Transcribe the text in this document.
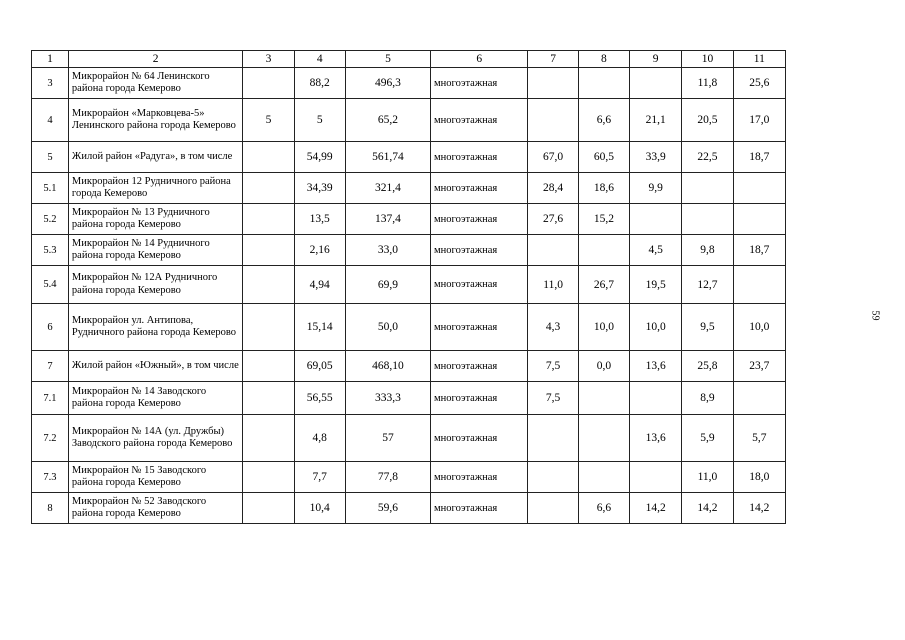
1	2	3	4	5	6	7	8	9	10	11
3	Микрорайон № 64 Ленинского района города Кемерово		88,2	496,3	многоэтажная				11,8	25,6
4	Микрорайон «Марковцева-5» Ленинского района города Кемерово	5	5	65,2	многоэтажная		6,6	21,1	20,5	17,0
5	Жилой район «Радуга», в том числе		54,99	561,74	многоэтажная	67,0	60,5	33,9	22,5	18,7
5.1	Микрорайон 12 Рудничного района города Кемерово		34,39	321,4	многоэтажная	28,4	18,6	9,9		
5.2	Микрорайон № 13 Рудничного района города Кемерово		13,5	137,4	многоэтажная	27,6	15,2			
5.3	Микрорайон № 14 Рудничного района города Кемерово		2,16	33,0	многоэтажная			4,5	9,8	18,7
5.4	Микрорайон № 12А Рудничного района города Кемерово		4,94	69,9	многоэтажная	11,0	26,7	19,5	12,7	
6	Микрорайон ул. Антипова, Рудничного района города Кемерово		15,14	50,0	многоэтажная	4,3	10,0	10,0	9,5	10,0
7	Жилой район «Южный», в том числе		69,05	468,10	многоэтажная	7,5	0,0	13,6	25,8	23,7
7.1	Микрорайон № 14 Заводского района города Кемерово		56,55	333,3	многоэтажная	7,5			8,9	
7.2	Микрорайон № 14А (ул. Дружбы) Заводского района города Кемерово		4,8	57	многоэтажная			13,6	5,9	5,7
7.3	Микрорайон № 15 Заводского района города Кемерово		7,7	77,8	многоэтажная				11,0	18,0
8	Микрорайон № 52 Заводского района города Кемерово		10,4	59,6	многоэтажная		6,6	14,2	14,2	14,2
59
